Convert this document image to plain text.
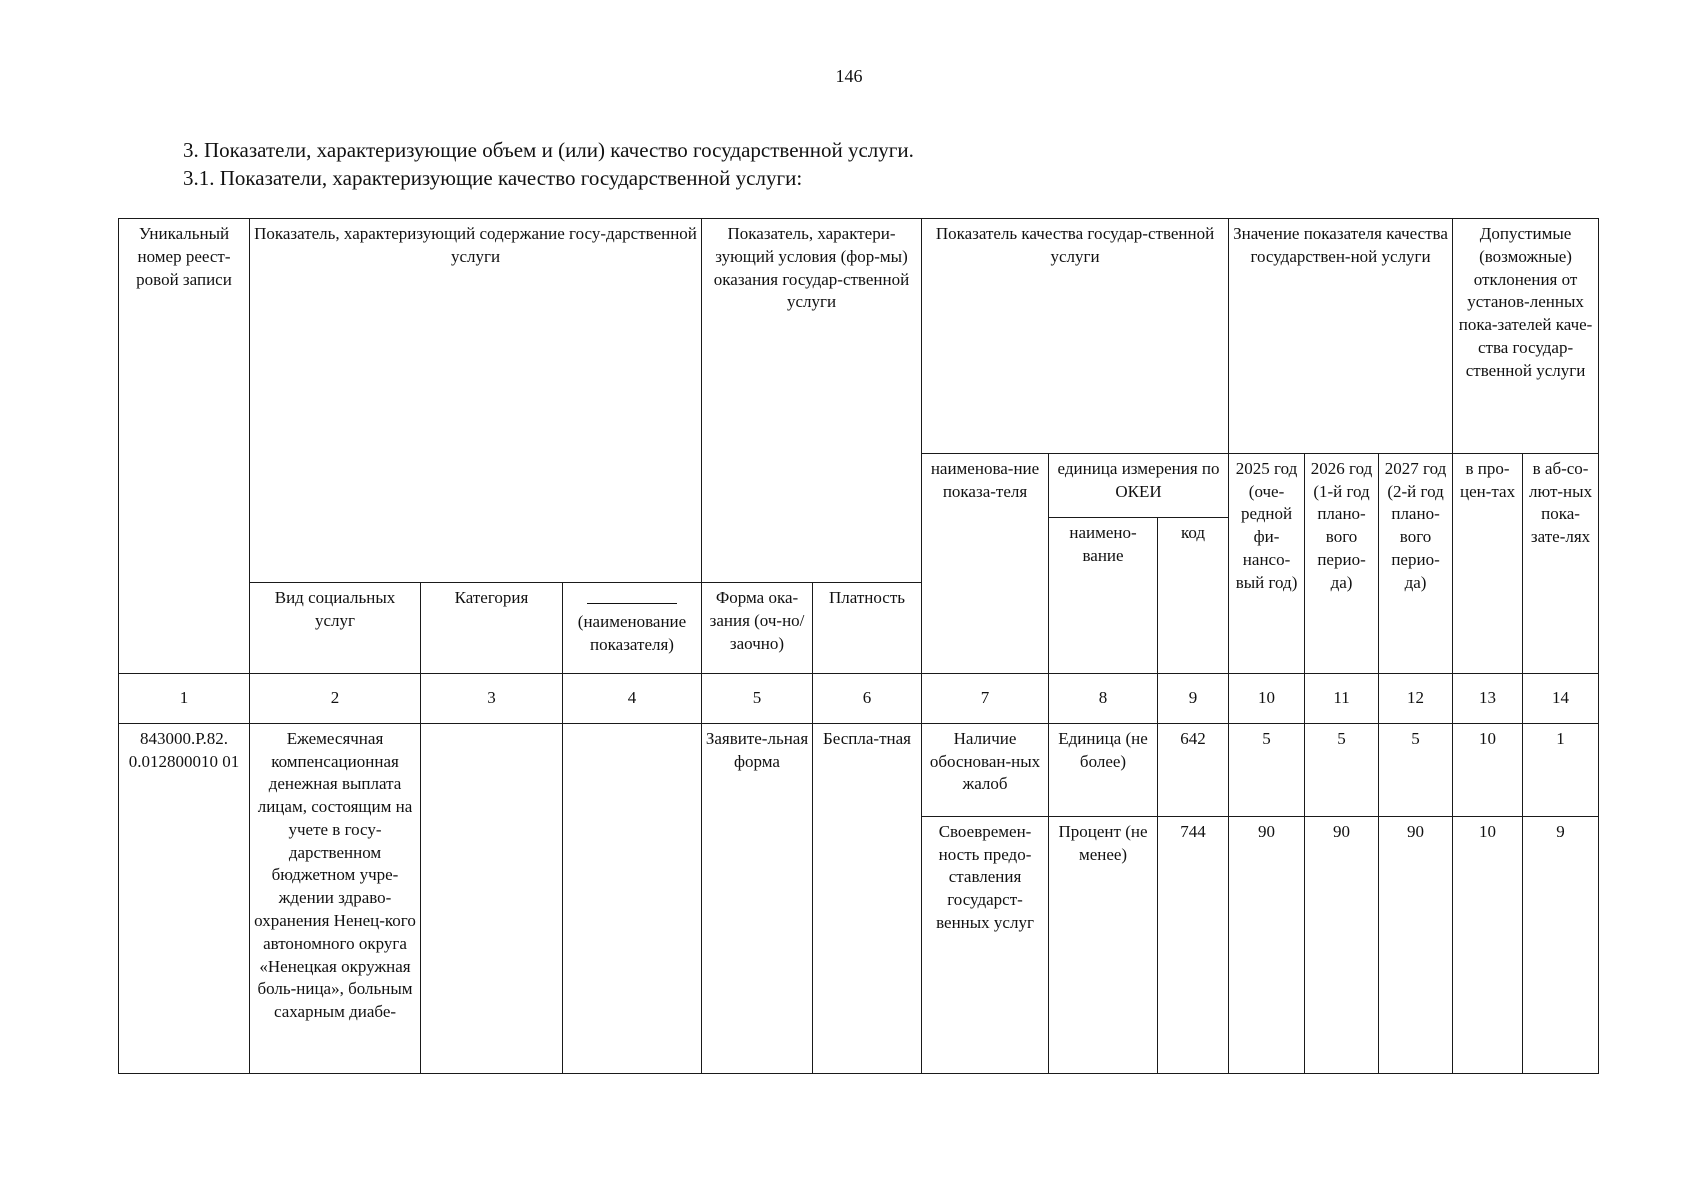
146
3. Показатели, характеризующие объем и (или) качество государственной услуги.
3.1. Показатели, характеризующие качество государственной услуги:
Уникальный номер реест-ровой записи	Показатель, характеризующий содержание госу-дарственной услуги			Показатель, характери-зующий условия (фор-мы) оказания государ-ственной услуги		Показатель качества государ-ственной услуги			Значение показателя качества государствен-ной услуги			Допустимые (возможные) отклонения от установ-ленных пока-зателей каче-ства государ-ственной услуги	
						наименова-ние показа-теля	единица измерения по ОКЕИ		2025 год (оче-редной фи-нансо-вый год)	2026 год (1-й год плано-вого перио-да)	2027 год (2-й год плано-вого перио-да)	в про-цен-тах	в аб-со-лют-ных пока-зате-лях
							наимено-вание	код					
	Вид социальных услуг	Категория	(наименование показателя)	Форма ока-зания (оч-но/заочно)	Платность								
1	2	3	4	5	6	7	8	9	10	11	12	13	14
843000.Р.82. 0.012800010 01	Ежемесячная компенсационная денежная выплата лицам, состоящим на учете в госу-дарственном бюджетном учре-ждении здраво-охранения Ненец-кого автономного округа «Ненецкая окружная боль-ница», больным сахарным диабе-			Заявите-льная форма	Беспла-тная	Наличие обоснован-ных жалоб	Единица (не более)	642	5	5	5	10	1
						Своевремен-ность предо-ставления государст-венных услуг	Процент (не менее)	744	90	90	90	10	9
